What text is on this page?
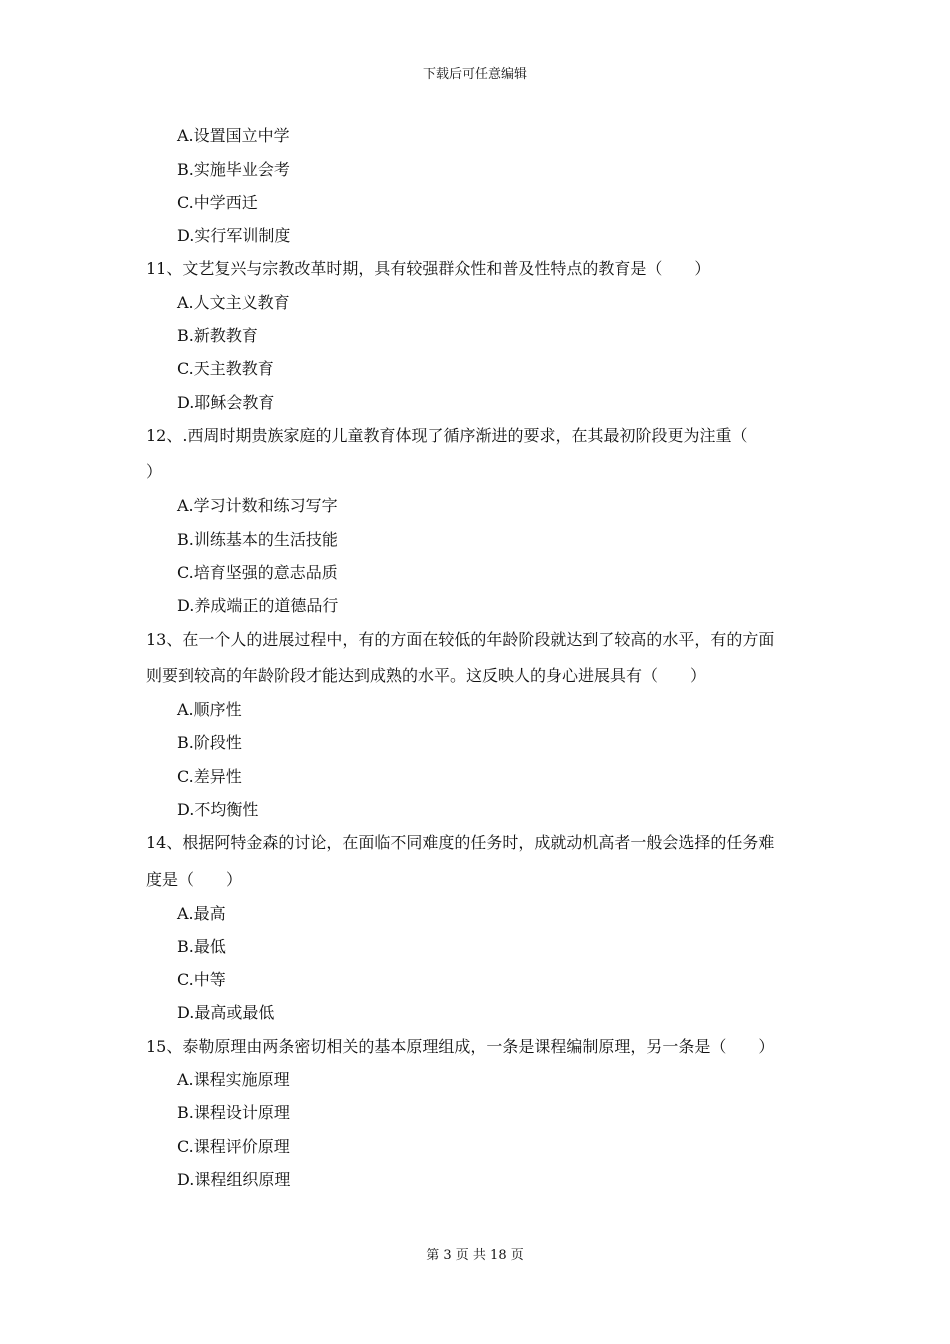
下载后可任意编辑
A.设置国立中学
B.实施毕业会考
C.中学西迁
D.实行军训制度
11、文艺复兴与宗教改革时期，具有较强群众性和普及性特点的教育是（　　）
A.人文主义教育
B.新教教育
C.天主教教育
D.耶稣会教育
12、.西周时期贵族家庭的儿童教育体现了循序渐进的要求，在其最初阶段更为注重（
）
A.学习计数和练习写字
B.训练基本的生活技能
C.培育坚强的意志品质
D.养成端正的道德品行
13、在一个人的进展过程中，有的方面在较低的年龄阶段就达到了较高的水平，有的方面
则要到较高的年龄阶段才能达到成熟的水平。这反映人的身心进展具有（　　）
A.顺序性
B.阶段性
C.差异性
D.不均衡性
14、根据阿特金森的讨论，在面临不同难度的任务时，成就动机高者一般会选择的任务难
度是（　　）
A.最高
B.最低
C.中等
D.最高或最低
15、泰勒原理由两条密切相关的基本原理组成，一条是课程编制原理，另一条是（　　）
A.课程实施原理
B.课程设计原理
C.课程评价原理
D.课程组织原理
第 3 页 共 18 页
